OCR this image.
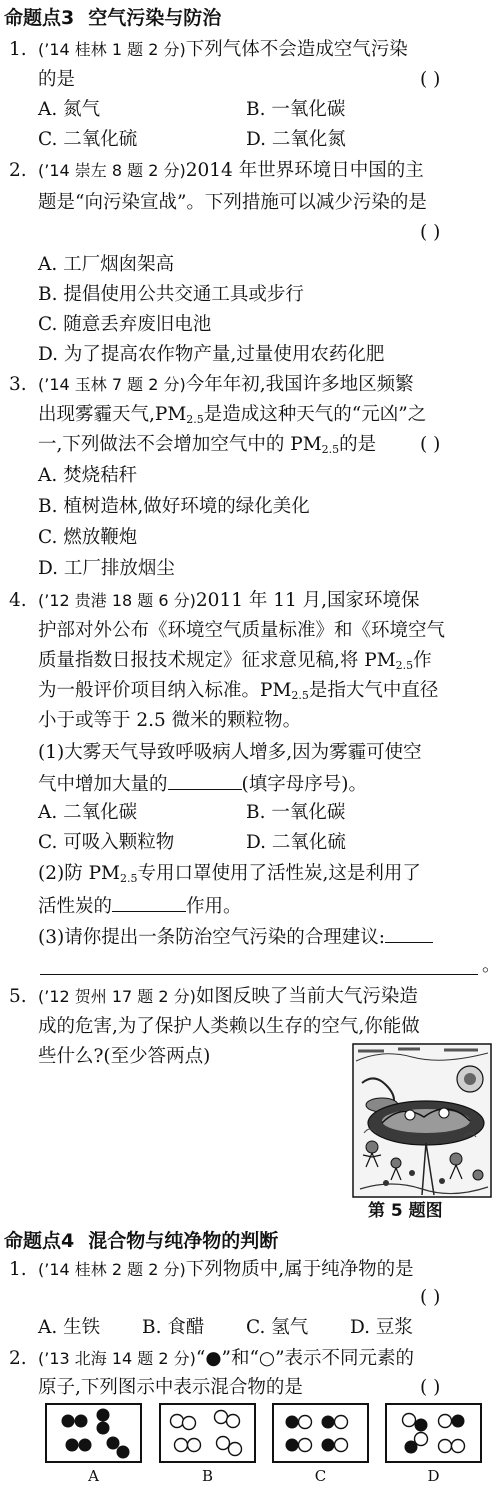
命题点3 空气污染与防治
1. (’14 桂林 1 题 2 分)下列气体不会造成空气污染
的是	( )
A. 氮气	B. 一氧化碳
C. 二氧化硫	D. 二氧化氮
2. (’14 崇左 8 题 2 分)2014 年世界环境日中国的主
题是“向污染宣战”。下列措施可以减少污染的是
( )
A. 工厂烟囱架高
B. 提倡使用公共交通工具或步行
C. 随意丢弃废旧电池
D. 为了提高农作物产量,过量使用农药化肥
3. (’14 玉林 7 题 2 分)今年年初,我国许多地区频繁
出现雾霾天气$,PM_{2.5}$是造成这种天气的“元凶”之
一,下列做法不会增加空气中的 $PM_{2.5}$的是 ( )
A. 焚烧秸秆
B. 植树造林,做好环境的绿化美化
C. 燃放鞭炮
D. 工厂排放烟尘
4. (’12 贵港 18 题 6 分)2011 年 11 月,国家环境保
护部对外公布《环境空气质量标准》和《环境空气
质量指数日报技术规定》征求意见稿,将 $PM_{2.5}$作
为一般评价项目纳入标准。$PM_{2.5}$是指大气中直径
小于或等于 2.5 微米的颗粒物。
(1)大雾天气导致呼吸病人增多,因为雾霾可使空
气中增加大量的	(填字母序号)。
A. 二氧化碳	B. 一氧化碳
C. 可吸入颗粒物	D. 二氧化硫
(2)防 $PM_{2.5}$专用口罩使用了活性炭,这是利用了
活性炭的	作用。
(3)请你提出一条防治空气污染的合理建议:
。
5. (’12 贺州 17 题 2 分)如图反映了当前大气污染造
成的危害,为了保护人类赖以生存的空气,你能做
些什么?(至少答两点)
第 5 题图
命题点4 混合物与纯净物的判断
1. (’14 桂林 2 题 2 分)下列物质中,属于纯净物的是
( )
A. 生铁 B. 食醋 C. 氢气 D. 豆浆
2. (’13 北海 14 题 2 分)“●”和“○”表示不同元素的
原子,下列图示中表示混合物的是	( )
A	B	C	D
